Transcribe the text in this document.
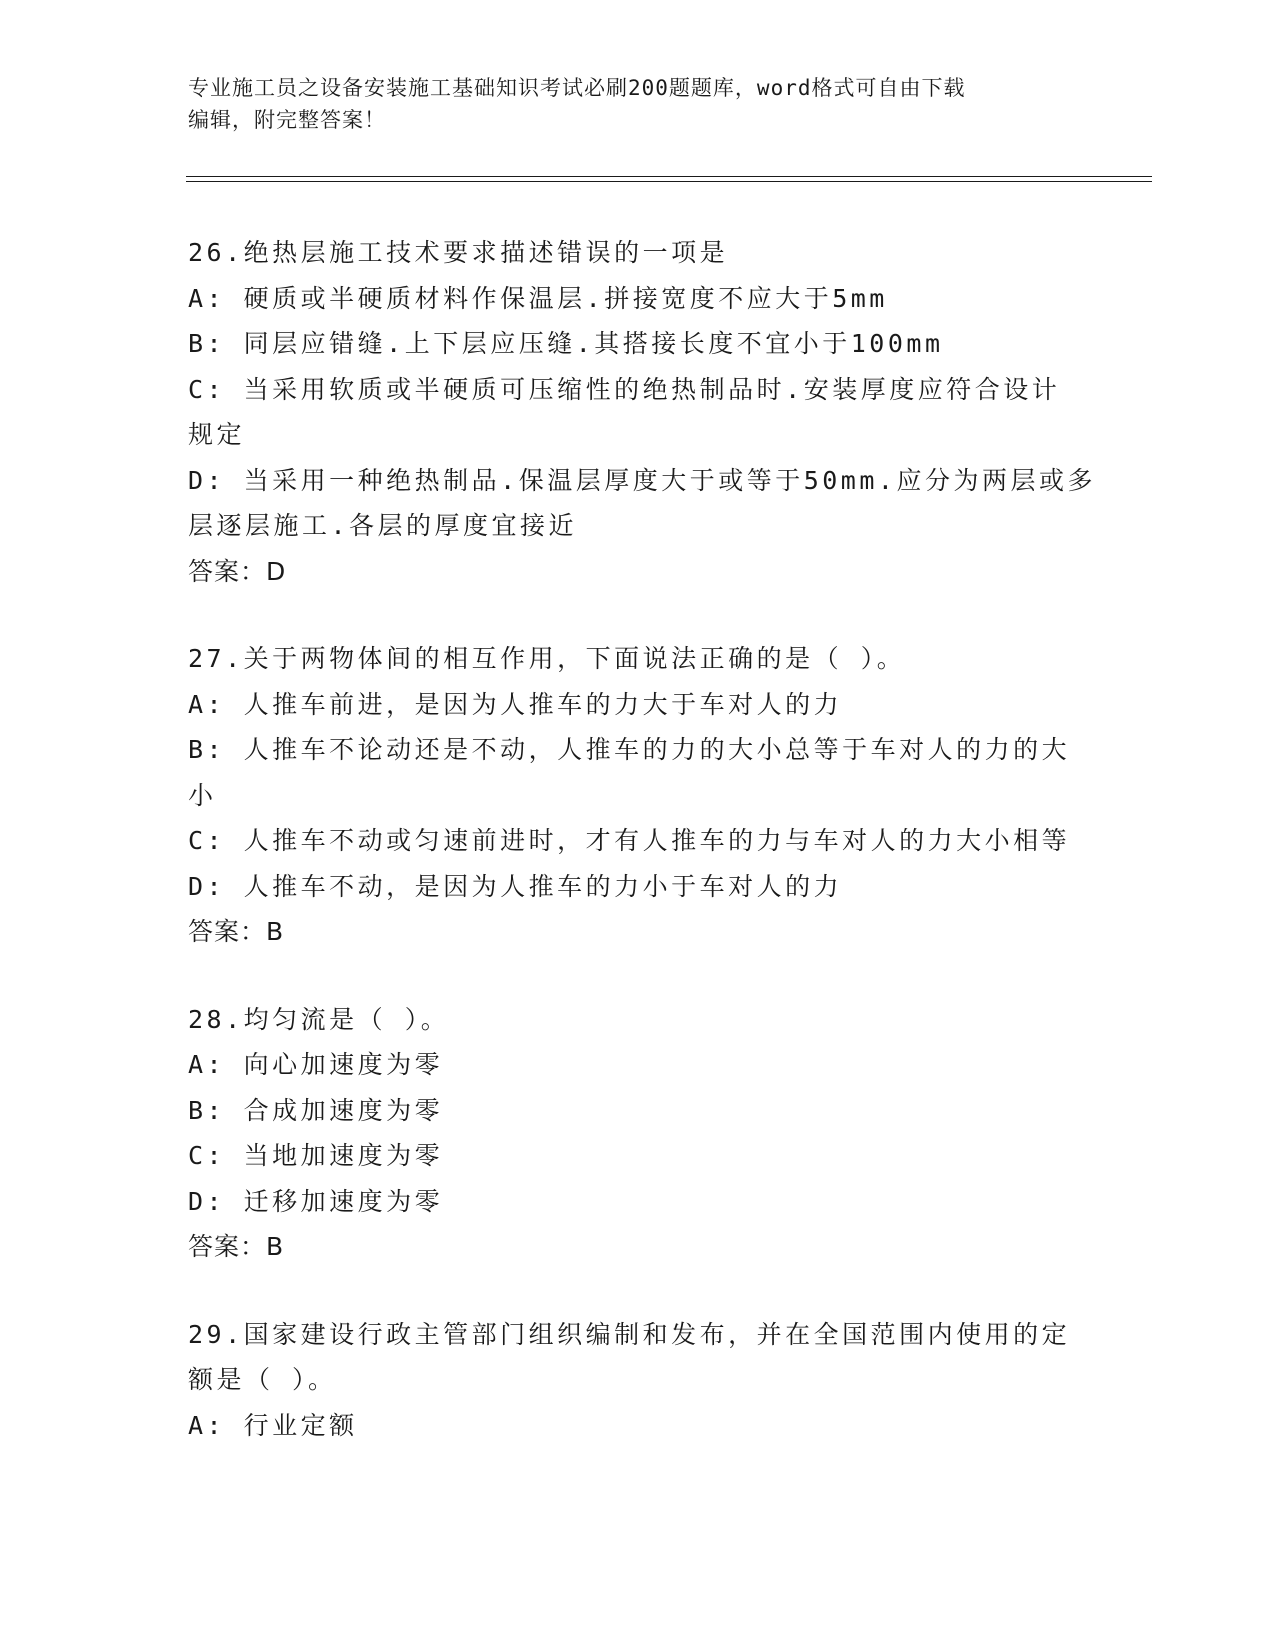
专业施工员之设备安装施工基础知识考试必刷200题题库，word格式可自由下载
编辑，附完整答案！
26.绝热层施工技术要求描述错误的一项是
A: 硬质或半硬质材料作保温层.拼接宽度不应大于5mm
B: 同层应错缝.上下层应压缝.其搭接长度不宜小于100mm
C: 当采用软质或半硬质可压缩性的绝热制品时.安装厚度应符合设计
规定
D: 当采用一种绝热制品.保温层厚度大于或等于50mm.应分为两层或多
层逐层施工.各层的厚度宜接近
答案：D
27.关于两物体间的相互作用，下面说法正确的是（ ）。
A: 人推车前进，是因为人推车的力大于车对人的力
B: 人推车不论动还是不动，人推车的力的大小总等于车对人的力的大
小
C: 人推车不动或匀速前进时，才有人推车的力与车对人的力大小相等
D: 人推车不动，是因为人推车的力小于车对人的力
答案：B
28.均匀流是（ ）。
A: 向心加速度为零
B: 合成加速度为零
C: 当地加速度为零
D: 迁移加速度为零
答案：B
29.国家建设行政主管部门组织编制和发布，并在全国范围内使用的定
额是（ ）。
A: 行业定额
